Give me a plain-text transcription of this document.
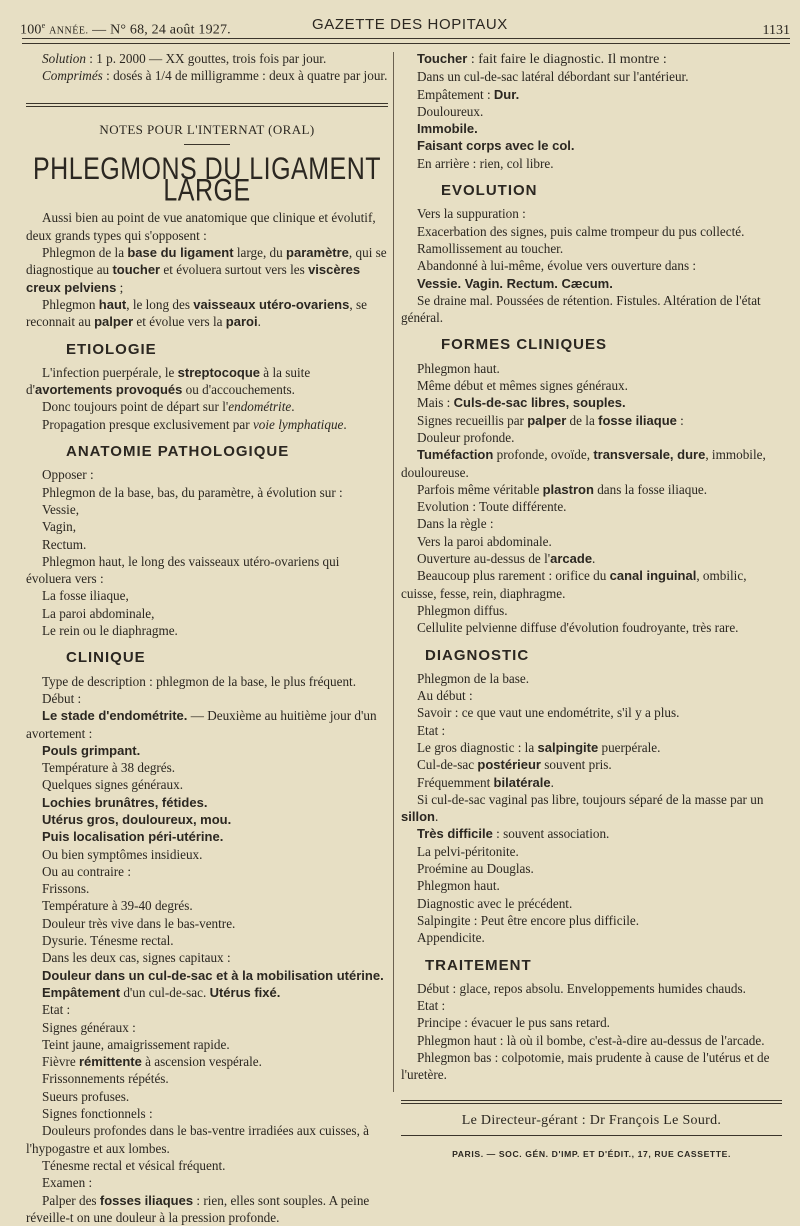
100e ANNÉE. — N° 68, 24 août 1927.	GAZETTE DES HOPITAUX	1131

Solution : 1 p. 2000 — XX gouttes, trois fois par jour.

Comprimés : dosés à 1/4 de milligramme : deux à quatre par jour.

NOTES POUR L'INTERNAT (ORAL)
PHLEGMONS DU LIGAMENT LARGE

Aussi bien au point de vue anatomique que clinique et évolutif, deux grands types qui s'opposent :

Phlegmon de la base du ligament large, du paramètre, qui se diagnostique au toucher et évoluera surtout vers les viscères creux pelviens ;

Phlegmon haut, le long des vaisseaux utéro-ovariens, se reconnait au palper et évolue vers la paroi.

ETIOLOGIE

L'infection puerpérale, le streptocoque à la suite d'avortements provoqués ou d'accouchements.

Donc toujours point de départ sur l'endométrite.

Propagation presque exclusivement par voie lymphatique.

ANATOMIE PATHOLOGIQUE

Opposer :

Phlegmon de la base, bas, du paramètre, à évolution sur :

Vessie,

Vagin,

Rectum.

Phlegmon haut, le long des vaisseaux utéro-ovariens qui évoluera vers :

La fosse iliaque,

La paroi abdominale,

Le rein ou le diaphragme.

CLINIQUE

Type de description : phlegmon de la base, le plus fréquent.

Début :

Le stade d'endométrite. — Deuxième au huitième jour d'un avortement :

Pouls grimpant.

Température à 38 degrés.

Quelques signes généraux.

Lochies brunâtres, fétides.

Utérus gros, douloureux, mou.

Puis localisation péri-utérine.

Ou bien symptômes insidieux.

Ou au contraire :

Frissons.

Température à 39-40 degrés.

Douleur très vive dans le bas-ventre.

Dysurie. Ténesme rectal.

Dans les deux cas, signes capitaux :

Douleur dans un cul-de-sac et à la mobilisation utérine.

Empâtement d'un cul-de-sac. Utérus fixé.

Etat :

Signes généraux :

Teint jaune, amaigrissement rapide.

Fièvre rémittente à ascension vespérale.

Frissonnements répétés.

Sueurs profuses.

Signes fonctionnels :

Douleurs profondes dans le bas-ventre irradiées aux cuisses, à l'hypogastre et aux lombes.

Ténesme rectal et vésical fréquent.

Examen :

Palper des fosses iliaques : rien, elles sont souples. A peine réveille-t on une douleur à la pression profonde.

Toucher : fait faire le diagnostic. Il montre :

Dans un cul-de-sac latéral débordant sur l'antérieur.

Empâtement : Dur.

Douloureux.

Immobile.

Faisant corps avec le col.

En arrière : rien, col libre.

EVOLUTION

Vers la suppuration :

Exacerbation des signes, puis calme trompeur du pus collecté.

Ramollissement au toucher.

Abandonné à lui-même, évolue vers ouverture dans :

Vessie. Vagin. Rectum. Cæcum.

Se draine mal. Poussées de rétention. Fistules. Altération de l'état général.

FORMES CLINIQUES

Phlegmon haut.

Même début et mêmes signes généraux.

Mais : Culs-de-sac libres, souples.

Signes recueillis par palper de la fosse iliaque :

Douleur profonde.

Tuméfaction profonde, ovoïde, transversale, dure, immobile, douloureuse.

Parfois même véritable plastron dans la fosse iliaque.

Evolution : Toute différente.

Dans la règle :

Vers la paroi abdominale.

Ouverture au-dessus de l'arcade.

Beaucoup plus rarement : orifice du canal inguinal, ombilic, cuisse, fesse, rein, diaphragme.

Phlegmon diffus.

Cellulite pelvienne diffuse d'évolution foudroyante, très rare.

DIAGNOSTIC

Phlegmon de la base.

Au début :

Savoir : ce que vaut une endométrite, s'il y a plus.

Etat :

Le gros diagnostic : la salpingite puerpérale.

Cul-de-sac postérieur souvent pris.

Fréquemment bilatérale.

Si cul-de-sac vaginal pas libre, toujours séparé de la masse par un sillon.

Très difficile : souvent association.

La pelvi-péritonite.

Proémine au Douglas.

Phlegmon haut.

Diagnostic avec le précédent.

Salpingite : Peut être encore plus difficile.

Appendicite.

TRAITEMENT

Début : glace, repos absolu. Enveloppements humides chauds.

Etat :

Principe : évacuer le pus sans retard.

Phlegmon haut : là où il bombe, c'est-à-dire au-dessus de l'arcade.

Phlegmon bas : colpotomie, mais prudente à cause de l'utérus et de l'uretère.

Le Directeur-gérant : Dr François Le Sourd.
PARIS. — SOC. GÉN. D'IMP. ET D'ÉDIT., 17, RUE CASSETTE.
